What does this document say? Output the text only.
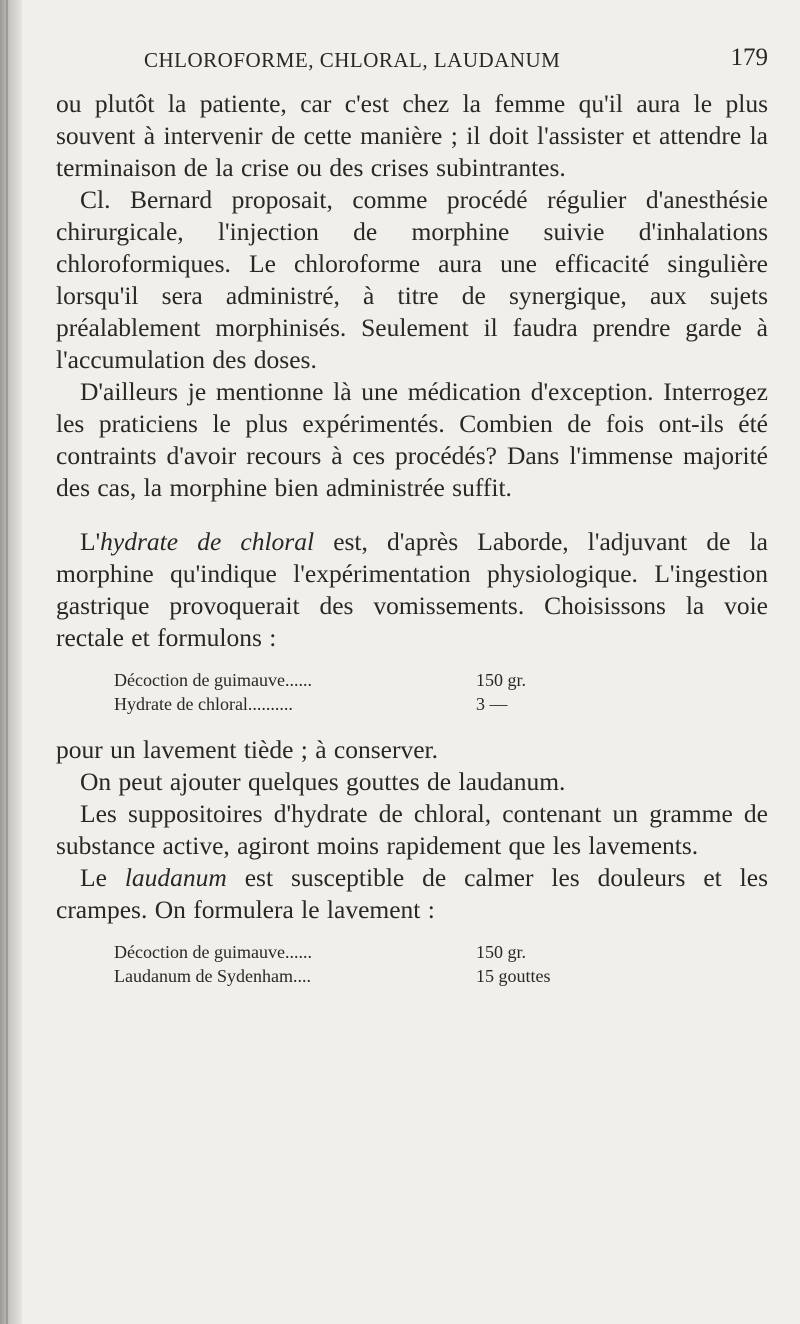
CHLOROFORME, CHLORAL, LAUDANUM	179

ou plutôt la patiente, car c'est chez la femme qu'il aura le plus souvent à intervenir de cette manière ; il doit l'assister et attendre la terminaison de la crise ou des crises subintrantes.

Cl. Bernard proposait, comme procédé régulier d'anesthésie chirurgicale, l'injection de morphine suivie d'inhalations chloroformiques. Le chloroforme aura une efficacité singulière lorsqu'il sera administré, à titre de synergique, aux sujets préalablement morphinisés. Seulement il faudra prendre garde à l'accumulation des doses.

D'ailleurs je mentionne là une médication d'exception. Interrogez les praticiens le plus expérimentés. Combien de fois ont-ils été contraints d'avoir recours à ces procédés? Dans l'immense majorité des cas, la morphine bien administrée suffit.

L'hydrate de chloral est, d'après Laborde, l'adjuvant de la morphine qu'indique l'expérimentation physiologique. L'ingestion gastrique provoquerait des vomissements. Choisissons la voie rectale et formulons :

Décoction de guimauve......	150 gr.
Hydrate de chloral..........	3 —

pour un lavement tiède ; à conserver.

On peut ajouter quelques gouttes de laudanum.

Les suppositoires d'hydrate de chloral, contenant un gramme de substance active, agiront moins rapidement que les lavements.

Le laudanum est susceptible de calmer les douleurs et les crampes. On formulera le lavement :

Décoction de guimauve......	150 gr.
Laudanum de Sydenham....	15 gouttes
